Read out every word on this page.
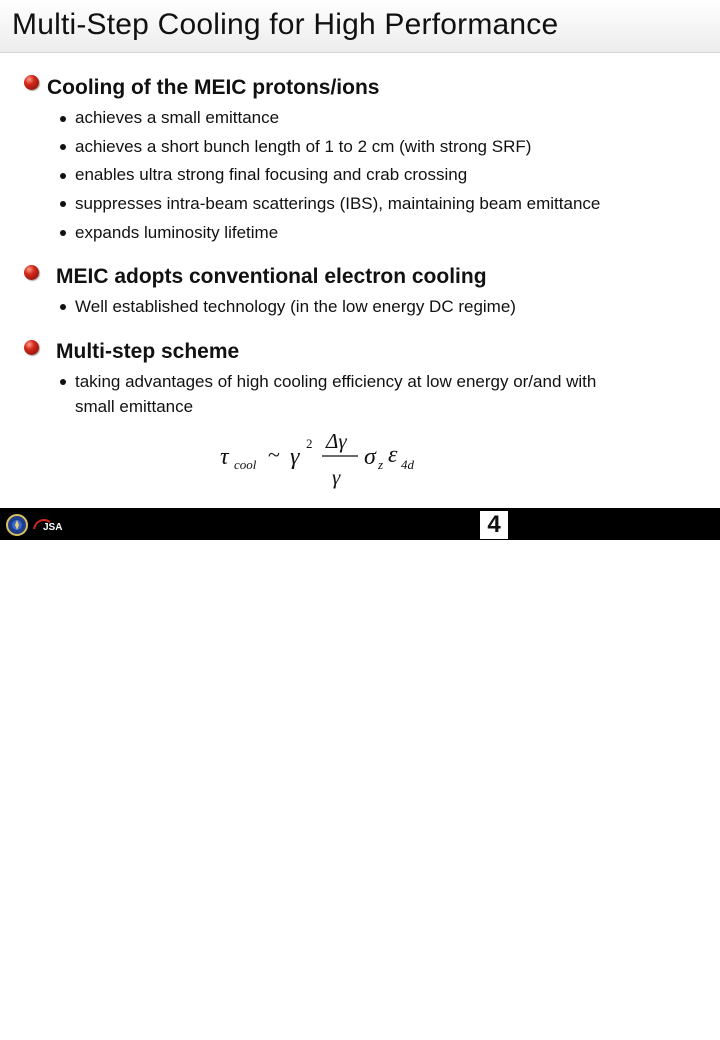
Multi-Step Cooling for High Performance
Cooling of the MEIC protons/ions
achieves a small emittance
achieves a short bunch length of 1 to 2 cm (with strong SRF)
enables ultra strong final focusing and crab crossing
suppresses intra-beam scatterings (IBS), maintaining beam emittance
expands luminosity lifetime
MEIC adopts conventional electron cooling
Well established technology (in the low energy DC regime)
Multi-step scheme
taking advantages of high cooling efficiency at low energy or/and with
small emittance
τ cool ~ γ
2 Δγ
γ
σ z ε 4d
JSA
Jefferson Lab
4
